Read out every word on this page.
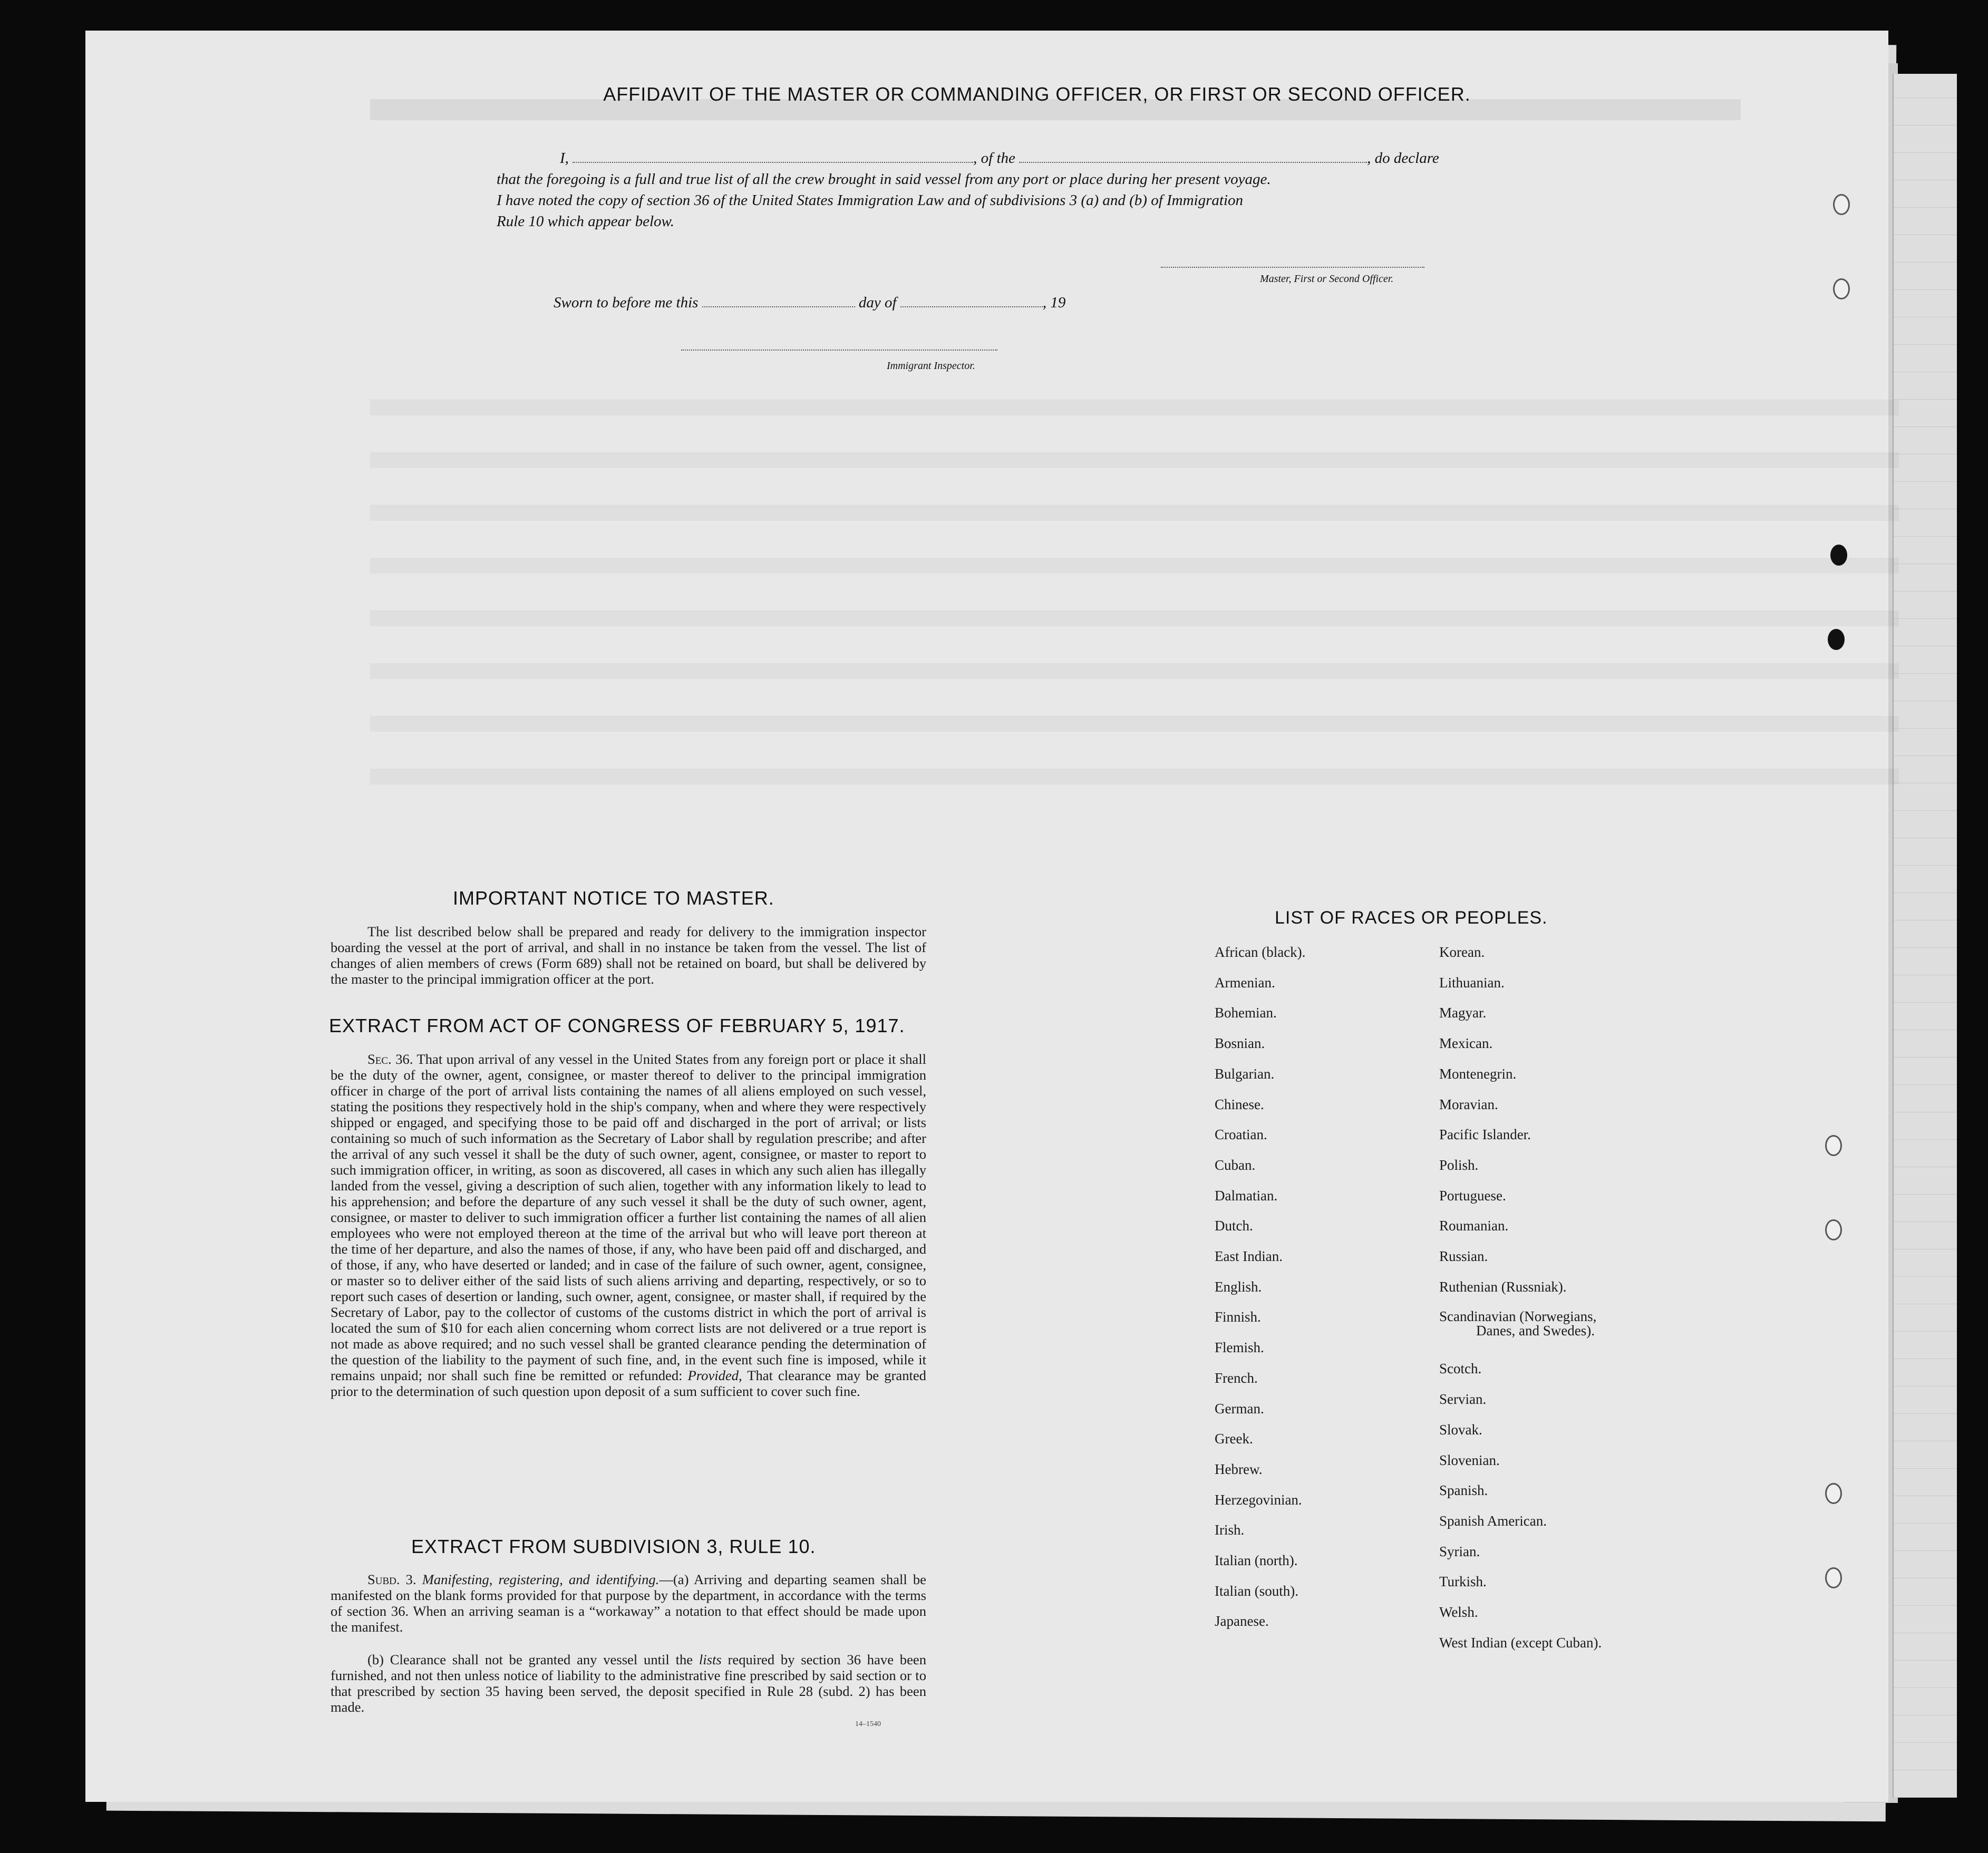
AFFIDAVIT OF THE MASTER OR COMMANDING OFFICER, OR FIRST OR SECOND OFFICER.
I,	, of the	, do declare
that the foregoing is a full and true list of all the crew brought in said vessel from any port or place during her present voyage.
I have noted the copy of section 36 of the United States Immigration Law and of subdivisions 3 (a) and (b) of Immigration
Rule 10 which appear below.
Master, First or Second Officer.
Sworn to before me this	day of	, 19
Immigrant Inspector.
IMPORTANT NOTICE TO MASTER.
The list described below shall be prepared and ready for delivery to the immigration inspector boarding the vessel at the port of arrival, and shall in no instance be taken from the vessel. The list of changes of alien members of crews (Form 689) shall not be retained on board, but shall be delivered by the master to the principal immigration officer at the port.
EXTRACT FROM ACT OF CONGRESS OF FEBRUARY 5, 1917.
Sec. 36. That upon arrival of any vessel in the United States from any foreign port or place it shall be the duty of the owner, agent, consignee, or master thereof to deliver to the principal immigration officer in charge of the port of arrival lists containing the names of all aliens employed on such vessel, stating the positions they respectively hold in the ship's company, when and where they were respectively shipped or engaged, and specifying those to be paid off and discharged in the port of arrival; or lists containing so much of such information as the Secretary of Labor shall by regulation prescribe; and after the arrival of any such vessel it shall be the duty of such owner, agent, consignee, or master to report to such immigration officer, in writing, as soon as discovered, all cases in which any such alien has illegally landed from the vessel, giving a description of such alien, together with any information likely to lead to his apprehension; and before the departure of any such vessel it shall be the duty of such owner, agent, consignee, or master to deliver to such immigration officer a further list containing the names of all alien employees who were not employed thereon at the time of the arrival but who will leave port thereon at the time of her departure, and also the names of those, if any, who have been paid off and discharged, and of those, if any, who have deserted or landed; and in case of the failure of such owner, agent, consignee, or master so to deliver either of the said lists of such aliens arriving and departing, respectively, or so to report such cases of desertion or landing, such owner, agent, consignee, or master shall, if required by the Secretary of Labor, pay to the collector of customs of the customs district in which the port of arrival is located the sum of $10 for each alien concerning whom correct lists are not delivered or a true report is not made as above required; and no such vessel shall be granted clearance pending the determination of the question of the liability to the payment of such fine, and, in the event such fine is imposed, while it remains unpaid; nor shall such fine be remitted or refunded: Provided, That clearance may be granted prior to the determination of such question upon deposit of a sum sufficient to cover such fine.
EXTRACT FROM SUBDIVISION 3, RULE 10.
Subd. 3. Manifesting, registering, and identifying.—(a) Arriving and departing seamen shall be manifested on the blank forms provided for that purpose by the department, in accordance with the terms of section 36. When an arriving seaman is a “workaway” a notation to that effect should be made upon the manifest.
(b) Clearance shall not be granted any vessel until the lists required by section 36 have been furnished, and not then unless notice of liability to the administrative fine prescribed by said section or to that prescribed by section 35 having been served, the deposit specified in Rule 28 (subd. 2) has been made.
14–1540
LIST OF RACES OR PEOPLES.
African (black).
Armenian.
Bohemian.
Bosnian.
Bulgarian.
Chinese.
Croatian.
Cuban.
Dalmatian.
Dutch.
East Indian.
English.
Finnish.
Flemish.
French.
German.
Greek.
Hebrew.
Herzegovinian.
Irish.
Italian (north).
Italian (south).
Japanese.
Korean.
Lithuanian.
Magyar.
Mexican.
Montenegrin.
Moravian.
Pacific Islander.
Polish.
Portuguese.
Roumanian.
Russian.
Ruthenian (Russniak).
Scandinavian (Norwegians,
Danes, and Swedes).
Scotch.
Servian.
Slovak.
Slovenian.
Spanish.
Spanish American.
Syrian.
Turkish.
Welsh.
West Indian (except Cuban).
